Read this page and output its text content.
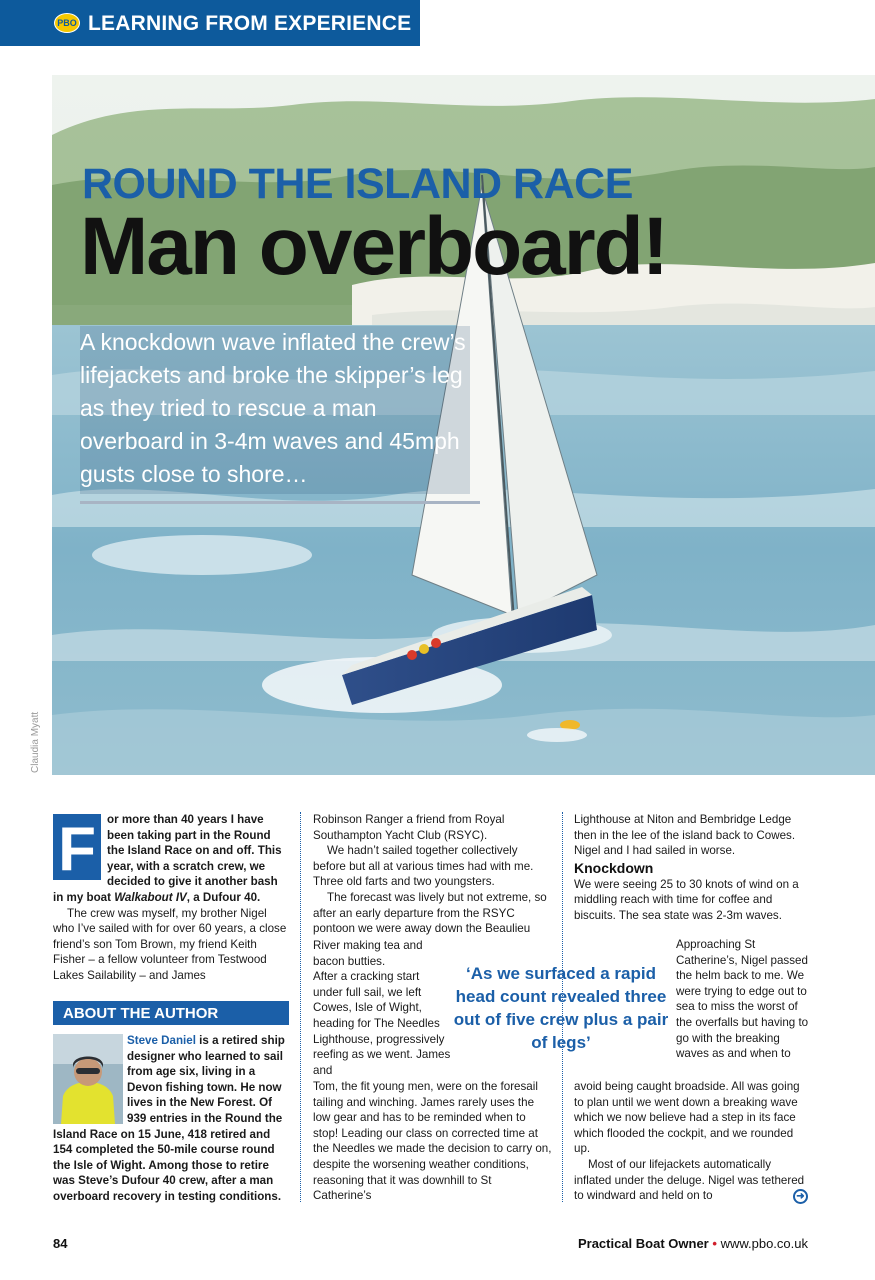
PBO LEARNING FROM EXPERIENCE
ROUND THE ISLAND RACE
Man overboard!
A knockdown wave inflated the crew’s lifejackets and broke the skipper’s leg as they tried to rescue a man overboard in 3-4m waves and 45mph gusts close to shore…
Claudia Myatt

F or more than 40 years I have been taking part in the Round the Island Race on and off. This year, with a scratch crew, we decided to give it another bash in my boat Walkabout IV, a Dufour 40.

The crew was myself, my brother Nigel who I’ve sailed with for over 60 years, a close friend’s son Tom Brown, my friend Keith Fisher – a fellow volunteer from Testwood Lakes Sailability – and James

ABOUT THE AUTHOR
Steve Daniel is a retired ship designer who learned to sail from age six, living in a Devon fishing town. He now lives in the New Forest. Of 939 entries in the Round the Island Race on 15 June, 418 retired and 154 completed the 50-mile course round the Isle of Wight. Among those to retire was Steve’s Dufour 40 crew, after a man overboard recovery in testing conditions.

Robinson Ranger a friend from Royal Southampton Yacht Club (RSYC).

We hadn’t sailed together collectively before but all at various times had with me. Three old farts and two youngsters.

The forecast was lively but not extreme, so after an early departure from the RSYC pontoon we were away down the Beaulieu

River making tea and

bacon butties.

After a cracking start under full sail, we left Cowes, Isle of Wight, heading for The Needles Lighthouse, progressively reefing as we went. James and

Tom, the fit young men, were on the foresail tailing and winching. James rarely uses the low gear and has to be reminded when to stop! Leading our class on corrected time at the Needles we made the decision to carry on, despite the worsening weather conditions, reasoning that it was downhill to St Catherine’s

‘As we surfaced a rapid head count revealed three out of five crew plus a pair of legs’

Lighthouse at Niton and Bembridge Ledge then in the lee of the island back to Cowes. Nigel and I had sailed in worse.

Knockdown

We were seeing 25 to 30 knots of wind on a middling reach with time for coffee and biscuits. The sea state was 2-3m waves.

Approaching St Catherine’s, Nigel passed the helm back to me. We were trying to edge out to sea to miss the worst of the overfalls but having to go with the breaking waves as and when to

avoid being caught broadside. All was going to plan until we went down a breaking wave which we now believe had a step in its face which flooded the cockpit, and we rounded up.

Most of our lifejackets automatically inflated under the deluge. Nigel was tethered to windward and held on to	➜
84	Practical Boat Owner • www.pbo.co.uk
